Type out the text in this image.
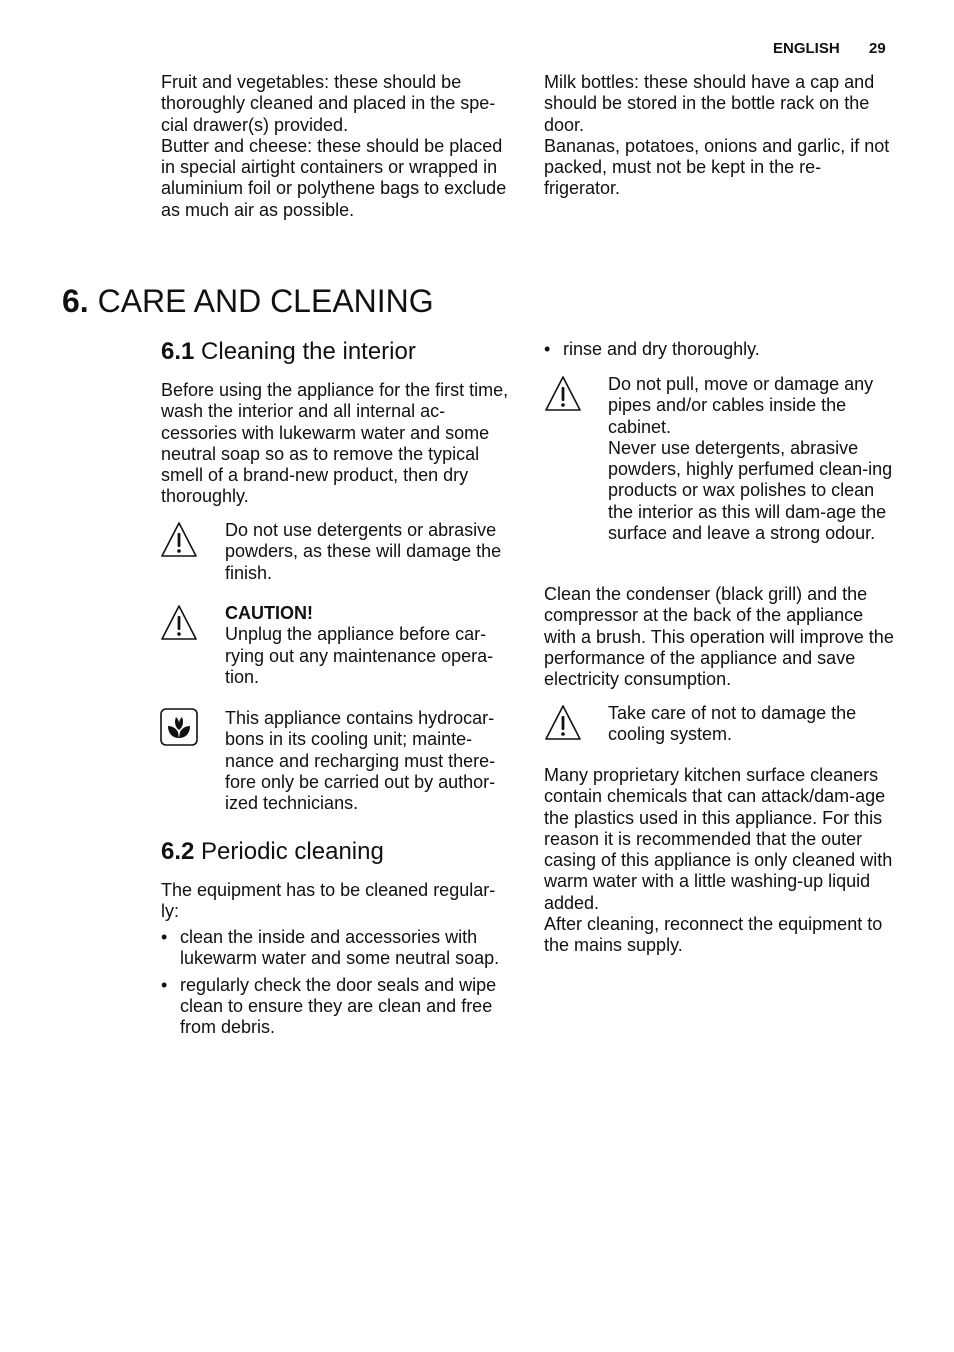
ENGLISH 29

Fruit and vegetables: these should be thoroughly cleaned and placed in the spe-cial drawer(s) provided.

Butter and cheese: these should be placed in special airtight containers or wrapped in aluminium foil or polythene bags to exclude as much air as possible.

Milk bottles: these should have a cap and should be stored in the bottle rack on the door.

Bananas, potatoes, onions and garlic, if not packed, must not be kept in the re-frigerator.

6. CARE AND CLEANING
6.1 Cleaning the interior
Before using the appliance for the first time, wash the interior and all internal ac-cessories with lukewarm water and some neutral soap so as to remove the typical smell of a brand-new product, then dry thoroughly.
Do not use detergents or abrasive powders, as these will damage the finish.
CAUTION!
Unplug the appliance before car-rying out any maintenance opera-tion.
This appliance contains hydrocar-bons in its cooling unit; mainte-nance and recharging must there-fore only be carried out by author-ized technicians.
6.2 Periodic cleaning
The equipment has to be cleaned regular-ly:
• clean the inside and accessories with lukewarm water and some neutral soap.
• regularly check the door seals and wipe clean to ensure they are clean and free from debris.
• rinse and dry thoroughly.
Do not pull, move or damage any pipes and/or cables inside the cabinet.
Never use detergents, abrasive powders, highly perfumed clean-ing products or wax polishes to clean the interior as this will dam-age the surface and leave a strong odour.
Clean the condenser (black grill) and the compressor at the back of the appliance with a brush. This operation will improve the performance of the appliance and save electricity consumption.
Take care of not to damage the cooling system.

Many proprietary kitchen surface cleaners contain chemicals that can attack/dam-age the plastics used in this appliance. For this reason it is recommended that the outer casing of this appliance is only cleaned with warm water with a little washing-up liquid added.

After cleaning, reconnect the equipment to the mains supply.
